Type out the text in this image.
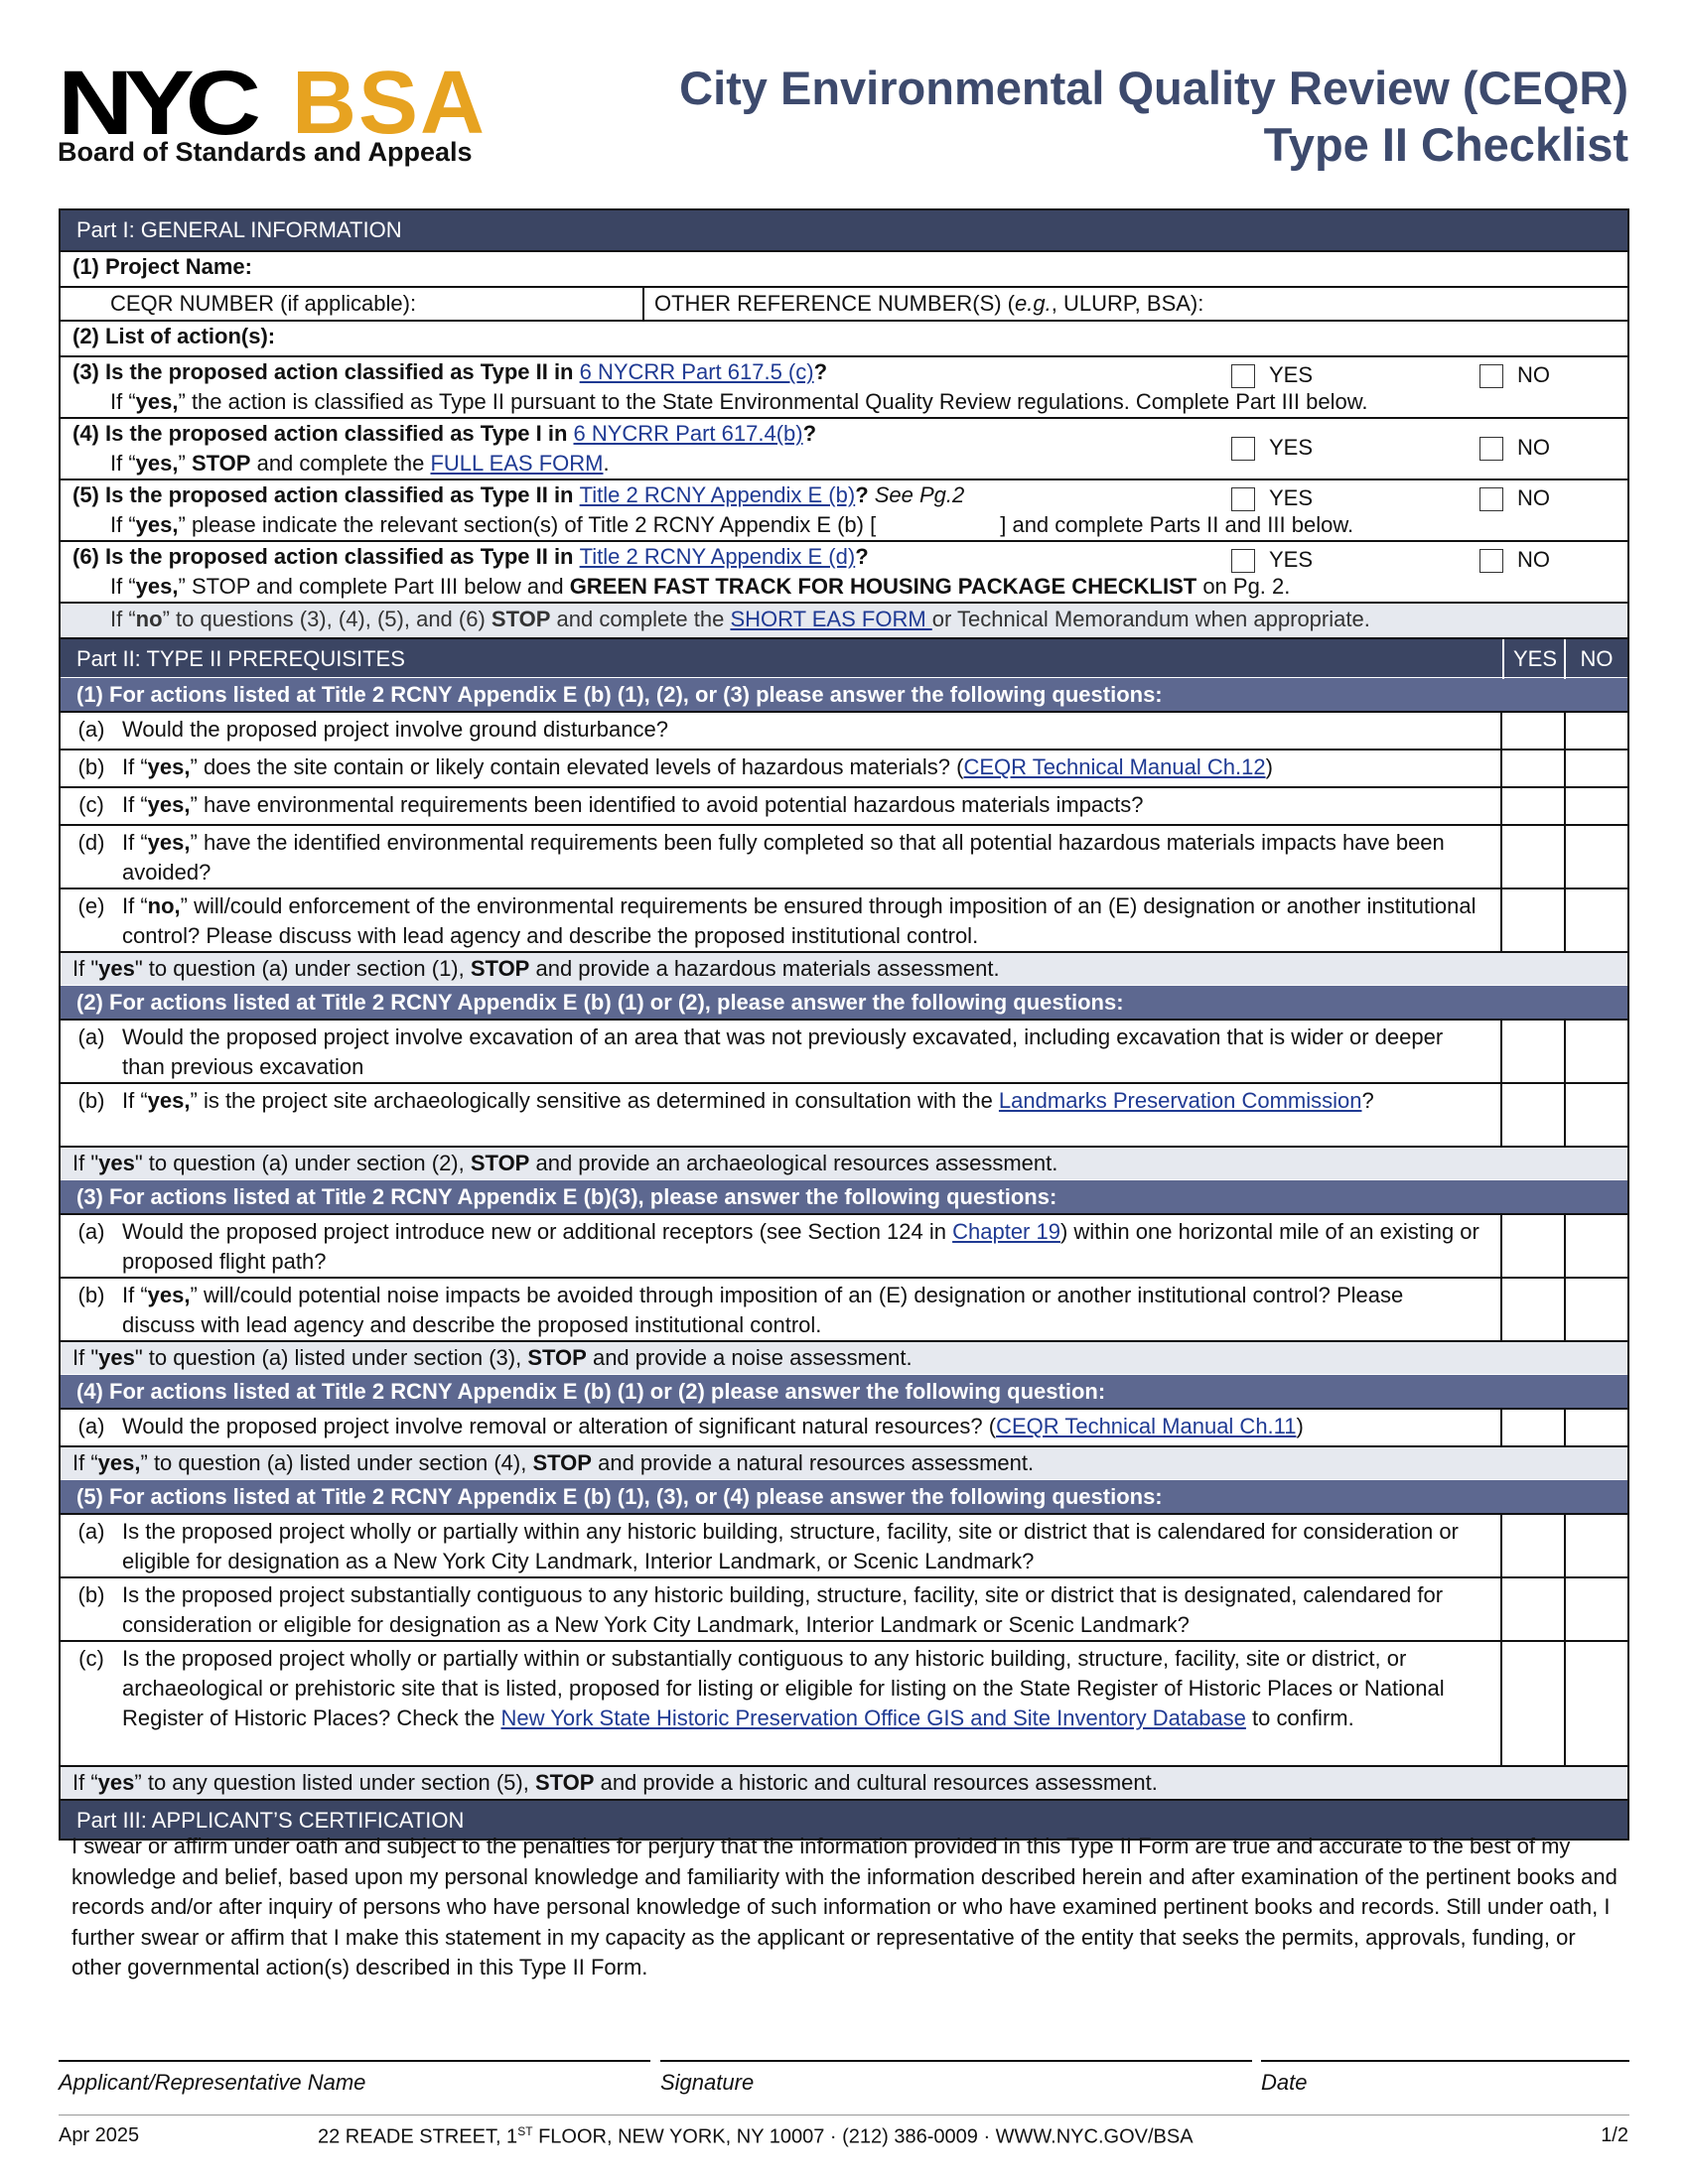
NYC BSA
Board of Standards and Appeals
City Environmental Quality Review (CEQR)
Type II Checklist
Part I: GENERAL INFORMATION
(1) Project Name:
CEQR NUMBER (if applicable):	OTHER REFERENCE NUMBER(S) (e.g., ULURP, BSA):
(2) List of action(s):
(3) Is the proposed action classified as Type II in 6 NYCRR Part 617.5 (c)?
If “yes,” the action is classified as Type II pursuant to the State Environmental Quality Review regulations. Complete Part III below.
YES	NO
(4) Is the proposed action classified as Type I in 6 NYCRR Part 617.4(b)?
If “yes,” STOP and complete the FULL EAS FORM.
YES	NO
(5) Is the proposed action classified as Type II in Title 2 RCNY Appendix E (b)? See Pg.2
If “yes,” please indicate the relevant section(s) of Title 2 RCNY Appendix E (b) [	] and complete Parts II and III below.
YES	NO
(6) Is the proposed action classified as Type II in Title 2 RCNY Appendix E (d)?
If “yes,” STOP and complete Part III below and GREEN FAST TRACK FOR HOUSING PACKAGE CHECKLIST on Pg. 2.
YES	NO
If “no” to questions (3), (4), (5), and (6) STOP and complete the SHORT EAS FORM or Technical Memorandum when appropriate.
Part II: TYPE II PREREQUISITES	YES	NO
(1) For actions listed at Title 2 RCNY Appendix E (b) (1), (2), or (3) please answer the following questions:
(a) Would the proposed project involve ground disturbance?
(b) If “yes,” does the site contain or likely contain elevated levels of hazardous materials? (CEQR Technical Manual Ch.12)
(c) If “yes,” have environmental requirements been identified to avoid potential hazardous materials impacts?
(d) If “yes,” have the identified environmental requirements been fully completed so that all potential hazardous materials impacts have been avoided?
(e) If “no,” will/could enforcement of the environmental requirements be ensured through imposition of an (E) designation or another institutional control? Please discuss with lead agency and describe the proposed institutional control.
If "yes" to question (a) under section (1), STOP and provide a hazardous materials assessment.
(2) For actions listed at Title 2 RCNY Appendix E (b) (1) or (2), please answer the following questions:
(a) Would the proposed project involve excavation of an area that was not previously excavated, including excavation that is wider or deeper than previous excavation
(b) If “yes,” is the project site archaeologically sensitive as determined in consultation with the Landmarks Preservation Commission?
If "yes" to question (a) under section (2), STOP and provide an archaeological resources assessment.
(3) For actions listed at Title 2 RCNY Appendix E (b)(3), please answer the following questions:
(a) Would the proposed project introduce new or additional receptors (see Section 124 in Chapter 19) within one horizontal mile of an existing or proposed flight path?
(b) If “yes,” will/could potential noise impacts be avoided through imposition of an (E) designation or another institutional control? Please discuss with lead agency and describe the proposed institutional control.
If "yes" to question (a) listed under section (3), STOP and provide a noise assessment.
(4) For actions listed at Title 2 RCNY Appendix E (b) (1) or (2) please answer the following question:
(a) Would the proposed project involve removal or alteration of significant natural resources? (CEQR Technical Manual Ch.11)
If “yes,” to question (a) listed under section (4), STOP and provide a natural resources assessment.
(5) For actions listed at Title 2 RCNY Appendix E (b) (1), (3), or (4) please answer the following questions:
(a) Is the proposed project wholly or partially within any historic building, structure, facility, site or district that is calendared for consideration or eligible for designation as a New York City Landmark, Interior Landmark, or Scenic Landmark?
(b) Is the proposed project substantially contiguous to any historic building, structure, facility, site or district that is designated, calendared for consideration or eligible for designation as a New York City Landmark, Interior Landmark or Scenic Landmark?
(c) Is the proposed project wholly or partially within or substantially contiguous to any historic building, structure, facility, site or district, or archaeological or prehistoric site that is listed, proposed for listing or eligible for listing on the State Register of Historic Places or National Register of Historic Places? Check the New York State Historic Preservation Office GIS and Site Inventory Database to confirm.
If “yes” to any question listed under section (5), STOP and provide a historic and cultural resources assessment.
Part III: APPLICANT’S CERTIFICATION
I swear or affirm under oath and subject to the penalties for perjury that the information provided in this Type II Form are true and accurate to the best of my knowledge and belief, based upon my personal knowledge and familiarity with the information described herein and after examination of the pertinent books and records and/or after inquiry of persons who have personal knowledge of such information or who have examined pertinent books and records. Still under oath, I further swear or affirm that I make this statement in my capacity as the applicant or representative of the entity that seeks the permits, approvals, funding, or other governmental action(s) described in this Type II Form.
Applicant/Representative Name	Signature	Date
Apr 2025	22 READE STREET, 1ST FLOOR, NEW YORK, NY 10007 · (212) 386-0009 · WWW.NYC.GOV/BSA	1/2
